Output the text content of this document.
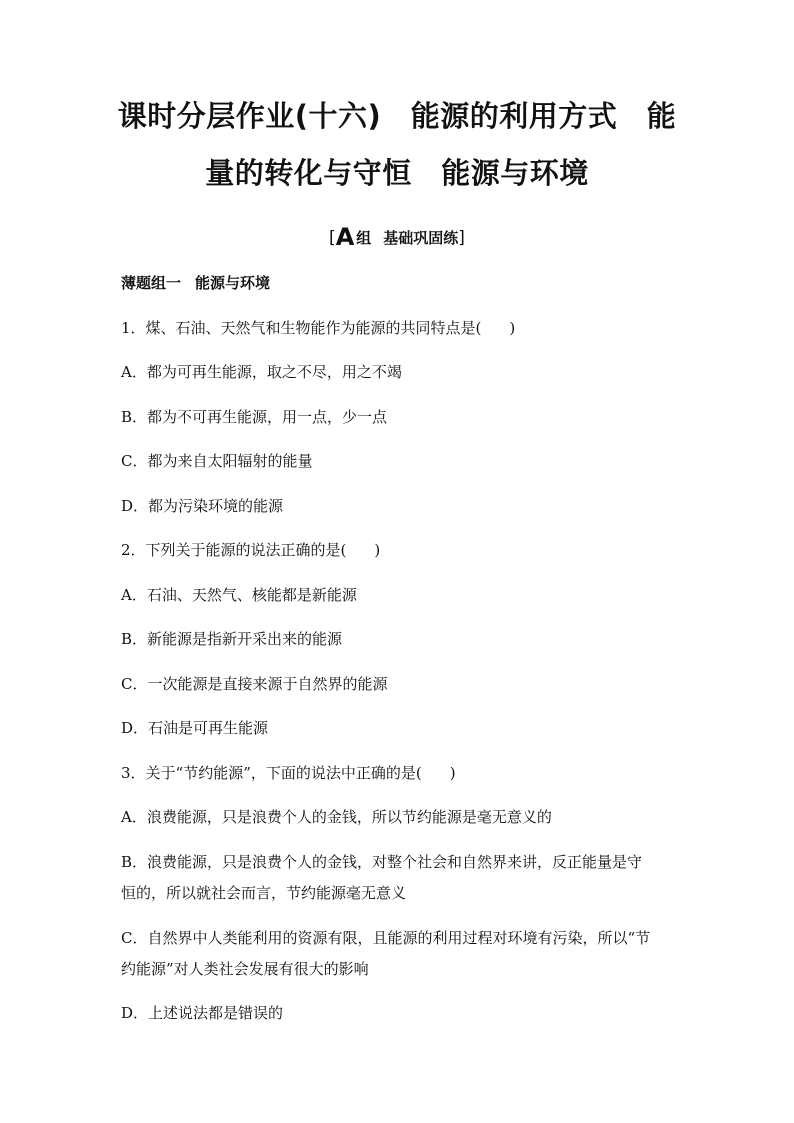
课时分层作业(十六)　能源的利用方式　能
量的转化与守恒　能源与环境
[A 组 基础巩固练]
薄题组一 能源与环境
1．煤、石油、天然气和生物能作为能源的共同特点是( )
A．都为可再生能源，取之不尽，用之不竭
B．都为不可再生能源，用一点，少一点
C．都为来自太阳辐射的能量
D．都为污染环境的能源
2．下列关于能源的说法正确的是( )
A．石油、天然气、核能都是新能源
B．新能源是指新开采出来的能源
C．一次能源是直接来源于自然界的能源
D．石油是可再生能源
3．关于“节约能源”，下面的说法中正确的是( )
A．浪费能源，只是浪费个人的金钱，所以节约能源是毫无意义的
B．浪费能源，只是浪费个人的金钱，对整个社会和自然界来讲，反正能量是守
恒的，所以就社会而言，节约能源毫无意义
C．自然界中人类能利用的资源有限，且能源的利用过程对环境有污染，所以“节
约能源”对人类社会发展有很大的影响
D．上述说法都是错误的
